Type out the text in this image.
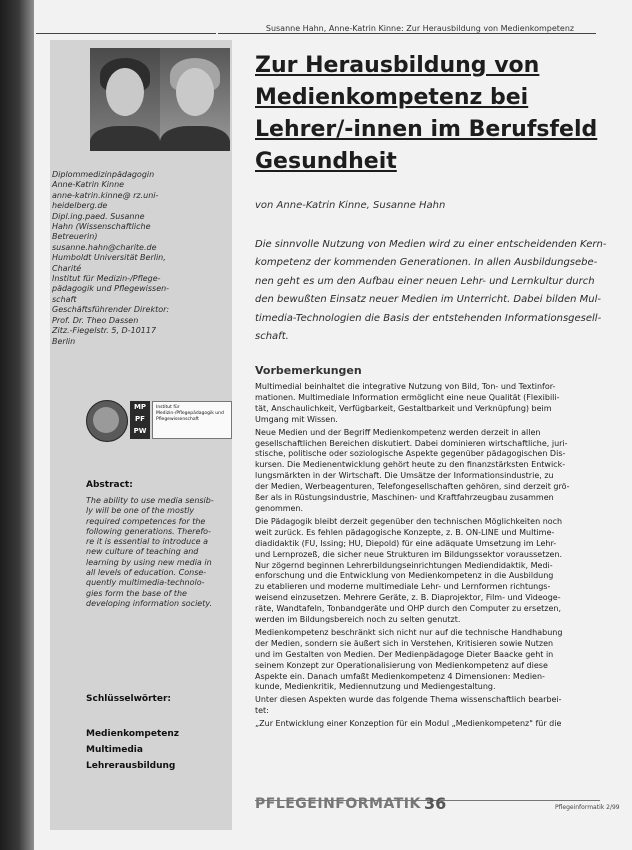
Diplommedizinpädagogin
Anne-Katrin Kinne
anne-katrin.kinne@ rz.uni-
heidelberg.de
Dipl.ing.paed. Susanne
Hahn (Wissenschaftliche
Betreuerin)
susanne.hahn@charite.de
Humboldt Universität Berlin,
Charité
Institut für Medizin-/Pflege-
pädagogik und Pflegewissen-
schaft
Geschäftsführender Direktor:
Prof. Dr. Theo Dassen
Zitz.-Fiegelstr. 5, D-10117
Berlin

MP
PF
PW
Institut für Medizin-/Pflegepädagogik und Pflegewissenschaft

Abstract:

The ability to use media sensib-
ly will be one of the mostly
required competences for the
following generations. Therefo-
re it is essential to introduce a
new culture of teaching and
learning by using new media in
all levels of education. Conse-
quently multimedia-technolo-
gies form the base of the
developing information society.

Schlüsselwörter:

Medienkompetenz
Multimedia
Lehrerausbildung

Susanne Hahn, Anne-Katrin Kinne: Zur Herausbildung von Medienkompetenz

Zur Herausbildung von
Medienkompetenz bei
Lehrer/-innen im Berufsfeld
Gesundheit

von Anne-Katrin Kinne, Susanne Hahn

Die sinnvolle Nutzung von Medien wird zu einer entscheidenden Kern-
kompetenz der kommenden Generationen. In allen Ausbildungsebe-
nen geht es um den Aufbau einer neuen Lehr- und Lernkultur durch
den bewußten Einsatz neuer Medien im Unterricht. Dabei bilden Mul-
timedia-Technologien die Basis der entstehenden Informationsgesell-
schaft.

Vorbemerkungen

Multimedial beinhaltet die integrative Nutzung von Bild, Ton- und Textinfor-
mationen. Multimediale Information ermöglicht eine neue Qualität (Flexibili-
tät, Anschaulichkeit, Verfügbarkeit, Gestaltbarkeit und Verknüpfung) beim
Umgang mit Wissen.

Neue Medien und der Begriff Medienkompetenz werden derzeit in allen
gesellschaftlichen Bereichen diskutiert. Dabei dominieren wirtschaftliche, juri-
stische, politische oder soziologische Aspekte gegenüber pädagogischen Dis-
kursen. Die Medienentwicklung gehört heute zu den finanzstärksten Entwick-
lungsmärkten in der Wirtschaft. Die Umsätze der Informationsindustrie, zu
der Medien, Werbeagenturen, Telefongesellschaften gehören, sind derzeit grö-
ßer als in Rüstungsindustrie, Maschinen- und Kraftfahrzeugbau zusammen
genommen.

Die Pädagogik bleibt derzeit gegenüber den technischen Möglichkeiten noch
weit zurück. Es fehlen pädagogische Konzepte, z. B. ON-LINE und Multime-
diadidaktik (FU, Issing; HU, Diepold) für eine adäquate Umsetzung im Lehr-
und Lernprozeß, die sicher neue Strukturen im Bildungssektor voraussetzen.
Nur zögernd beginnen Lehrerbildungseinrichtungen Mediendidaktik, Medi-
enforschung und die Entwicklung von Medienkompetenz in die Ausbildung
zu etablieren und moderne multimediale Lehr- und Lernformen richtungs-
weisend einzusetzen. Mehrere Geräte, z. B. Diaprojektor, Film- und Videoge-
räte, Wandtafeln, Tonbandgeräte und OHP durch den Computer zu ersetzen,
werden im Bildungsbereich noch zu selten genutzt.

Medienkompetenz beschränkt sich nicht nur auf die technische Handhabung
der Medien, sondern sie äußert sich in Verstehen, Kritisieren sowie Nutzen
und im Gestalten von Medien. Der Medienpädagoge Dieter Baacke geht in
seinem Konzept zur Operationalisierung von Medienkompetenz auf diese
Aspekte ein. Danach umfaßt Medienkompetenz 4 Dimensionen: Medien-
kunde, Medienkritik, Mediennutzung und Mediengestaltung.

Unter diesen Aspekten wurde das folgende Thema wissenschaftlich bearbei-
tet:

„Zur Entwicklung einer Konzeption für ein Modul „Medienkompetenz" für die

PFLEGEINFORMATIK 36	Pflegeinformatik 2/99
